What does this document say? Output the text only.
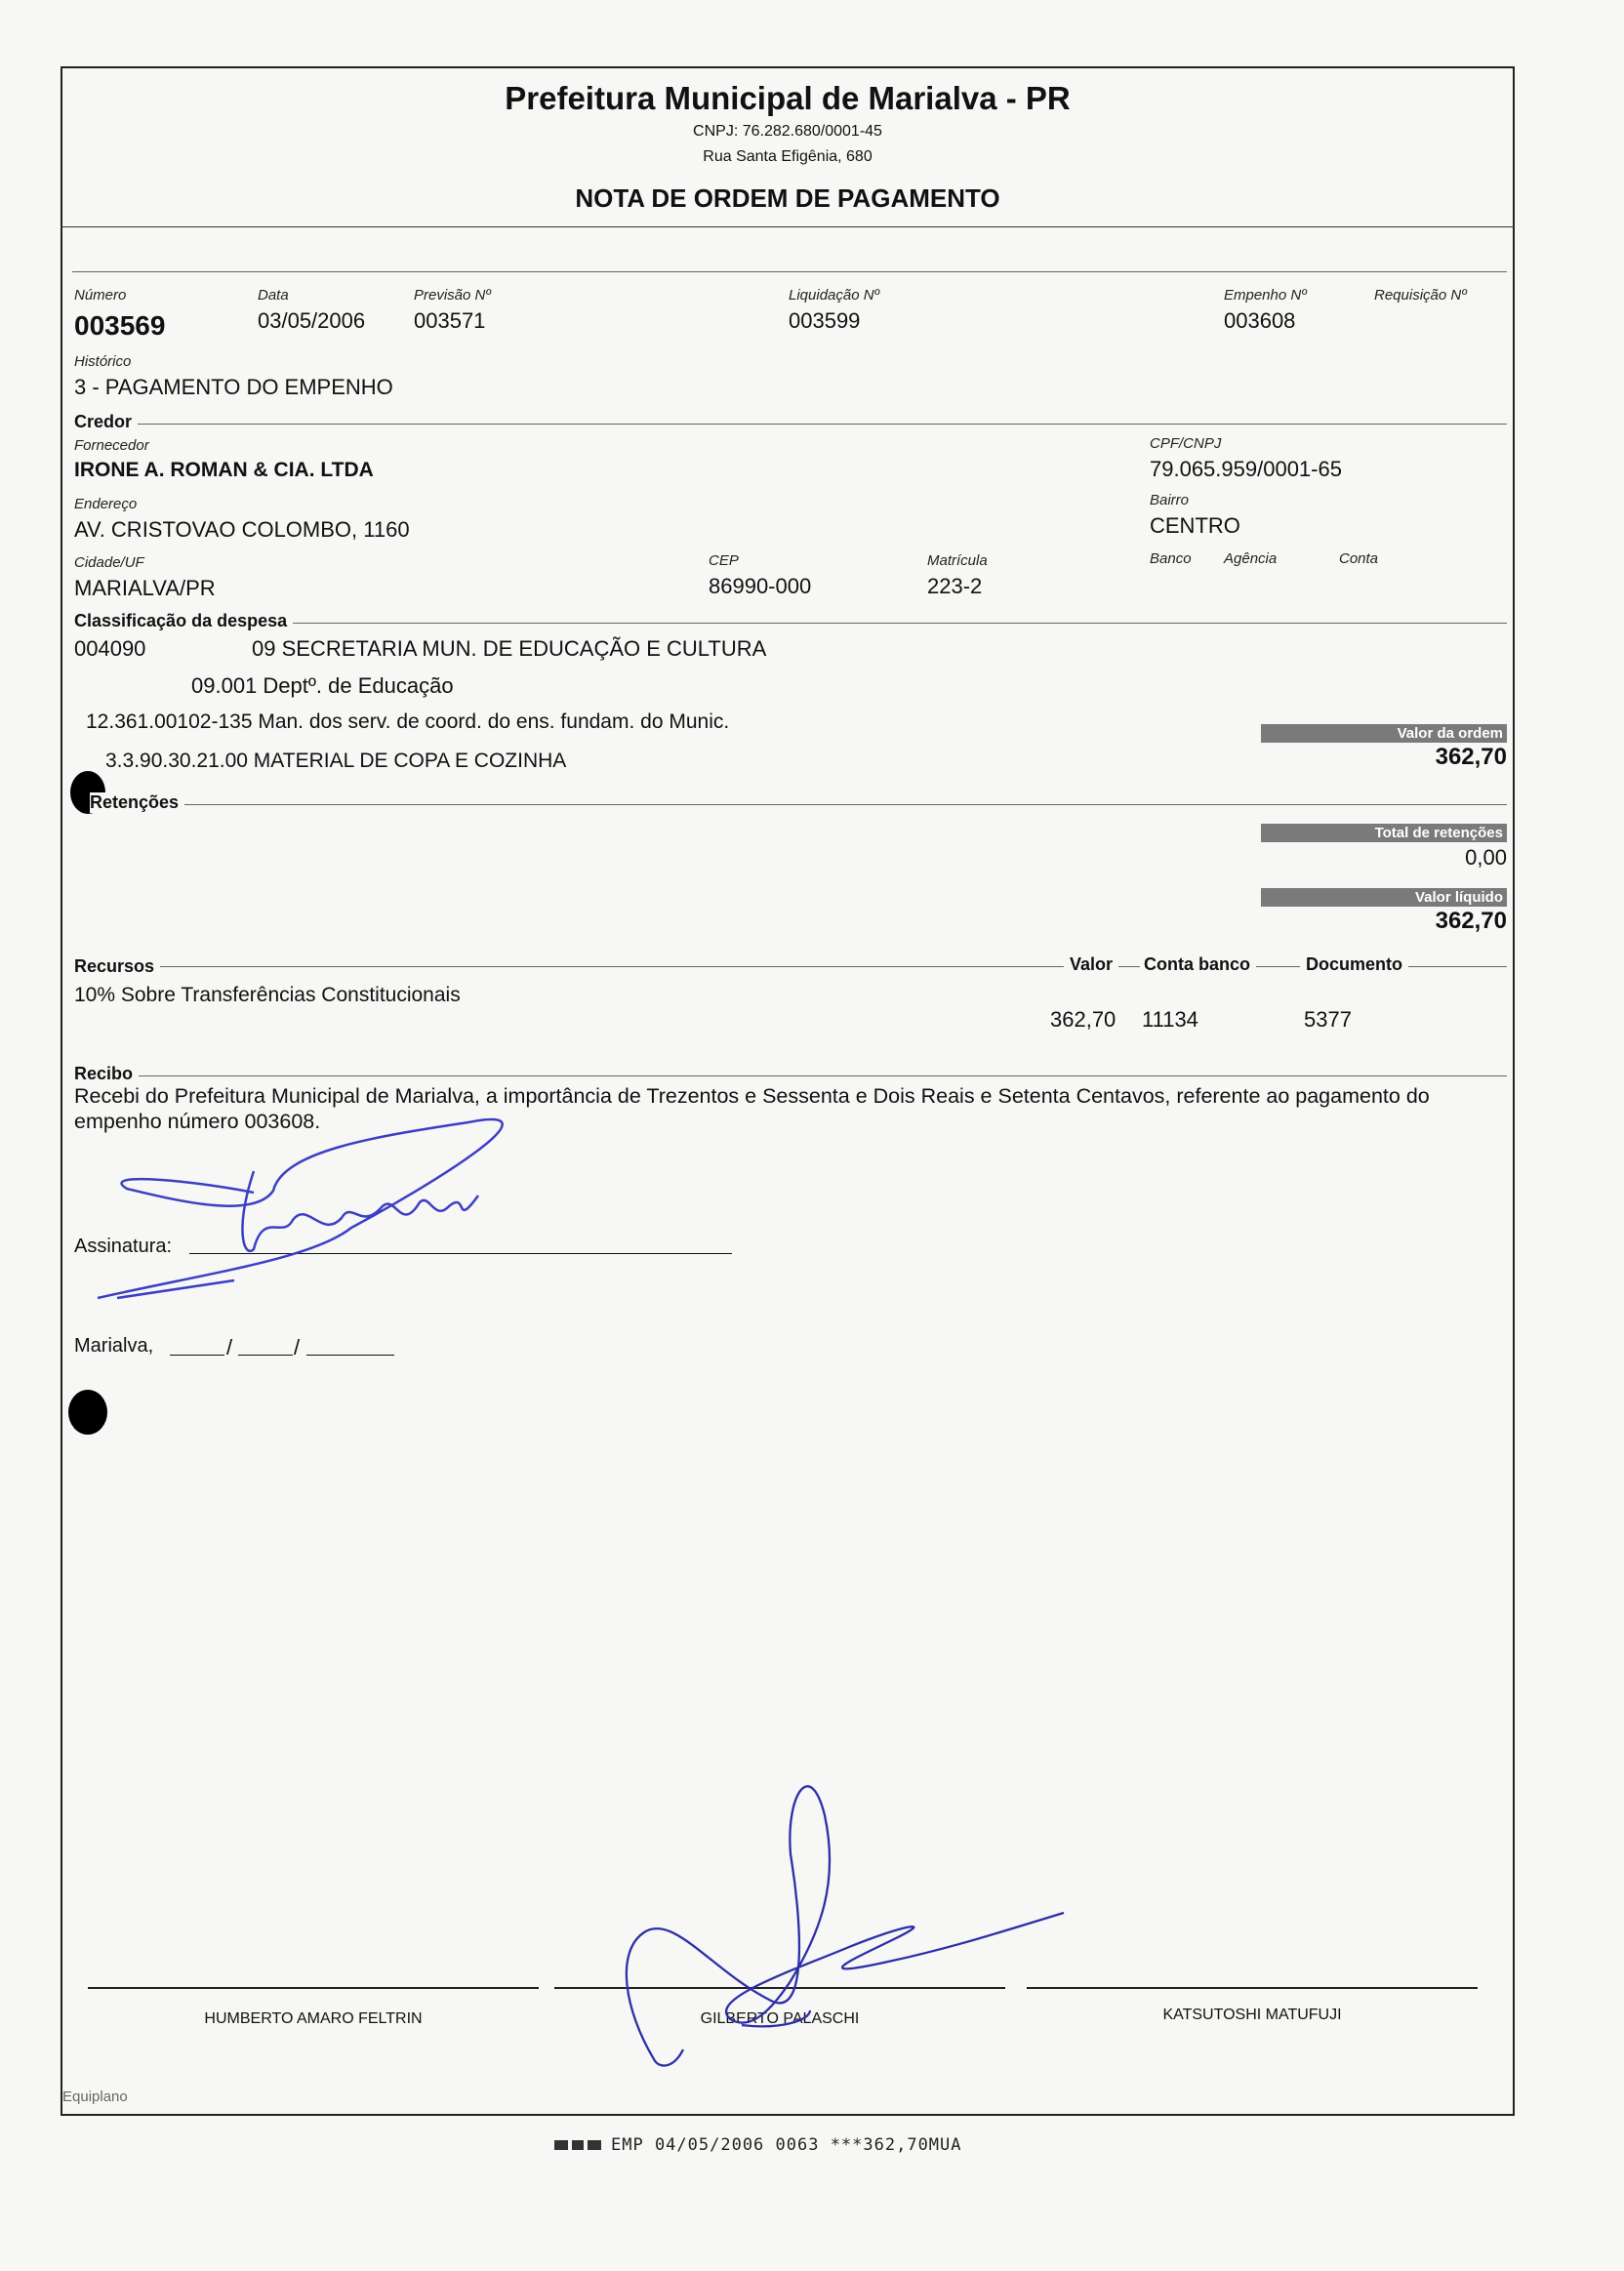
Prefeitura Municipal de Marialva - PR
CNPJ: 76.282.680/0001-45
Rua Santa Efigênia, 680
NOTA DE ORDEM DE PAGAMENTO
Número
003569
Data
03/05/2006
Previsão Nº
003571
Liquidação Nº
003599
Empenho Nº
003608
Requisição Nº
Histórico
3 - PAGAMENTO DO EMPENHO
Credor
Fornecedor
IRONE A. ROMAN & CIA. LTDA
CPF/CNPJ
79.065.959/0001-65
Endereço
AV. CRISTOVAO COLOMBO, 1160
Bairro
CENTRO
Cidade/UF
MARIALVA/PR
CEP
86990-000
Matrícula
223-2
Banco Agência	Conta
Classificação da despesa
004090	09 SECRETARIA MUN. DE EDUCAÇÃO E CULTURA
09.001 Deptº. de Educação
12.361.00102-135 Man. dos serv. de coord. do ens. fundam. do Munic.
3.3.90.30.21.00 MATERIAL DE COPA E COZINHA
Valor da ordem
362,70
Retenções
Total de retenções
0,00
Valor líquido
362,70
Recursos	Valor	Conta banco	Documento
10% Sobre Transferências Constitucionais
362,70 11134	5377
Recibo
Recebi do Prefeitura Municipal de Marialva, a importância de Trezentos e Sessenta e Dois Reais e Setenta Centavos, referente ao pagamento do empenho número 003608.
Assinatura:
Marialva,	/	/
HUMBERTO AMARO FELTRIN	GILBERTO PALASCHI	KATSUTOSHI MATUFUJI
Equiplano
EMP 04/05/2006 0063 ***362,70MUA
